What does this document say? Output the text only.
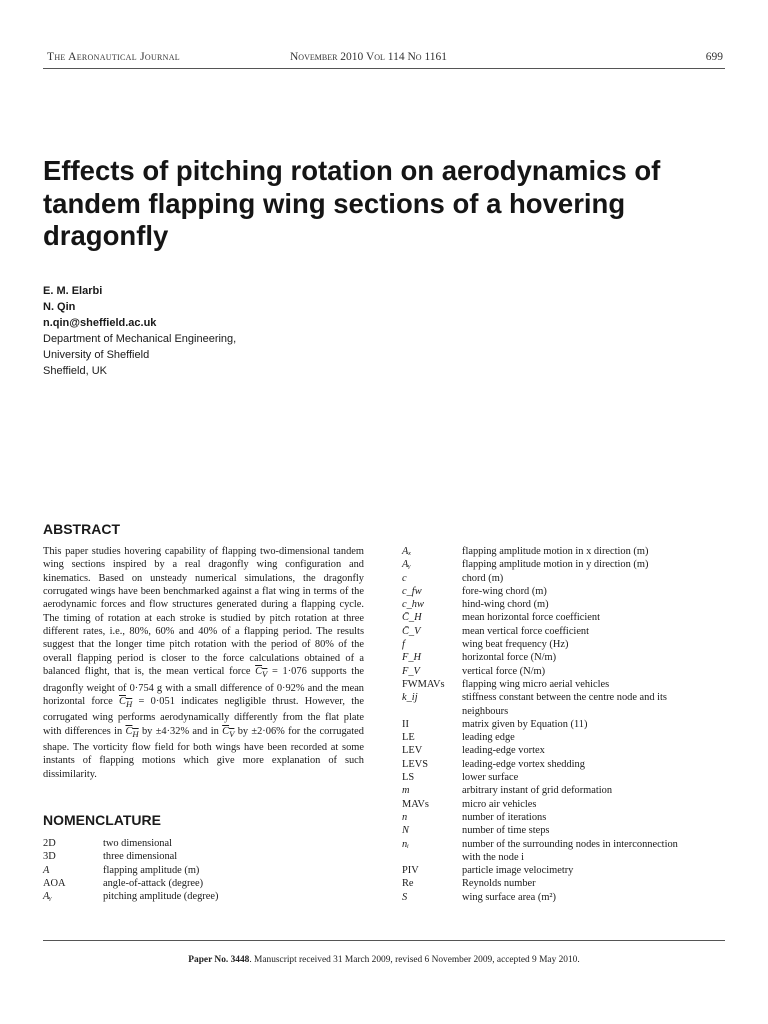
The Aeronautical Journal	November 2010 Vol 114 No 1161	699
Effects of pitching rotation on aerodynamics of tandem flapping wing sections of a hovering dragonfly
E. M. Elarbi
N. Qin
n.qin@sheffield.ac.uk
Department of Mechanical Engineering,
University of Sheffield
Sheffield, UK
ABSTRACT
This paper studies hovering capability of flapping two-dimensional tandem wing sections inspired by a real dragonfly wing configuration and kinematics. Based on unsteady numerical simulations, the dragonfly corrugated wings have been benchmarked against a flat wing in terms of the aerodynamic forces and flow structures generated during a flapping cycle. The timing of rotation at each stroke is studied by pitch rotation at three different rates, i.e., 80%, 60% and 40% of a flapping period. The results suggest that the longer time pitch rotation with the period of 80% of the overall flapping period is closer to the force calculations obtained of a balanced flight, that is, the mean vertical force $C_V = 1\cdot 076$ supports the dragonfly weight of 0·754 g with a small difference of 0·92% and the mean horizontal force $C_H = 0\cdot 051$ indicates negligible thrust. However, the corrugated wing performs aerodynamically differently from the flat plate with differences in $C_H$ by ±4·32% and in $C_V$ by ±2·06% for the corrugated shape. The vorticity flow field for both wings have been recorded at some instants of flapping motions which give more explanation of such dissimilarity.
NOMENCLATURE
2D	two dimensional
3D	three dimensional
A	flapping amplitude (m)
AOA	angle-of-attack (degree)
Aᵧ	pitching amplitude (degree)
Aₓ	flapping amplitude motion in x direction (m)
Aᵧ	flapping amplitude motion in y direction (m)
c	chord (m)
c_fw	fore-wing chord (m)
c_hw	hind-wing chord (m)
C̄_H	mean horizontal force coefficient
C̄_V	mean vertical force coefficient
f	wing beat frequency (Hz)
F_H	horizontal force (N/m)
F_V	vertical force (N/m)
FWMAVs	flapping wing micro aerial vehicles
k_ij	stiffness constant between the centre node and its
neighbours
II	matrix given by Equation (11)
LE	leading edge
LEV	leading-edge vortex
LEVS	leading-edge vortex shedding
LS	lower surface
m	arbitrary instant of grid deformation
MAVs	micro air vehicles
n	number of iterations
N	number of time steps
nᵢ	number of the surrounding nodes in interconnection
with the node i
PIV	particle image velocimetry
Re	Reynolds number
S	wing surface area (m²)
Paper No. 3448. Manuscript received 31 March 2009, revised 6 November 2009, accepted 9 May 2010.
